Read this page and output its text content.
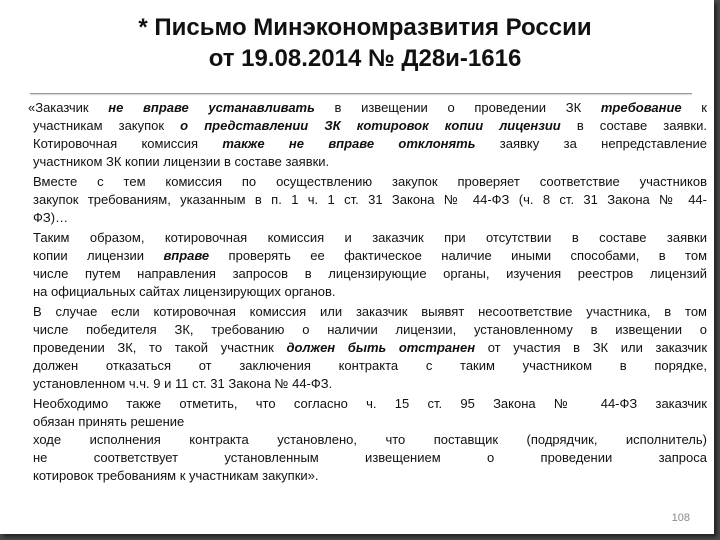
* Письмо Минэкономразвития России
от 19.08.2014 № Д28и-1616
«Заказчик не вправе устанавливать в извещении о проведении ЗК требование к
участникам закупок о представлении ЗК котировок копии лицензии в составе заявки.
Котировочная комиссия также не вправе отклонять заявку за непредставление
участником ЗК копии лицензии в составе заявки.
Вместе с тем комиссия по осуществлению закупок проверяет соответствие участников
закупок требованиям, указанным в п. 1 ч. 1 ст. 31 Закона № 44-ФЗ (ч. 8 ст. 31 Закона № 44-
ФЗ)…
Таким образом, котировочная комиссия и заказчик при отсутствии в составе заявки
копии лицензии вправе проверять ее фактическое наличие иными способами, в том
числе путем направления запросов в лицензирующие органы, изучения реестров лицензий
на официальных сайтах лицензирующих органов.
В случае если котировочная комиссия или заказчик выявят несоответствие участника, в том
числе победителя ЗК, требованию о наличии лицензии, установленному в извещении о
проведении ЗК, то такой участник должен быть отстранен от участия в ЗК или заказчик
должен отказаться от заключения контракта с таким участником в порядке,
установленном ч.ч. 9 и 11 ст. 31 Закона № 44-ФЗ.
Необходимо также отметить, что согласно ч. 15 ст. 95 Закона № 44-ФЗ заказчик
обязан принять решение
ходе исполнения контракта установлено, что поставщик (подрядчик, исполнитель)
не соответствует установленным извещением о проведении запроса
котировок требованиям к участникам закупки».
108
